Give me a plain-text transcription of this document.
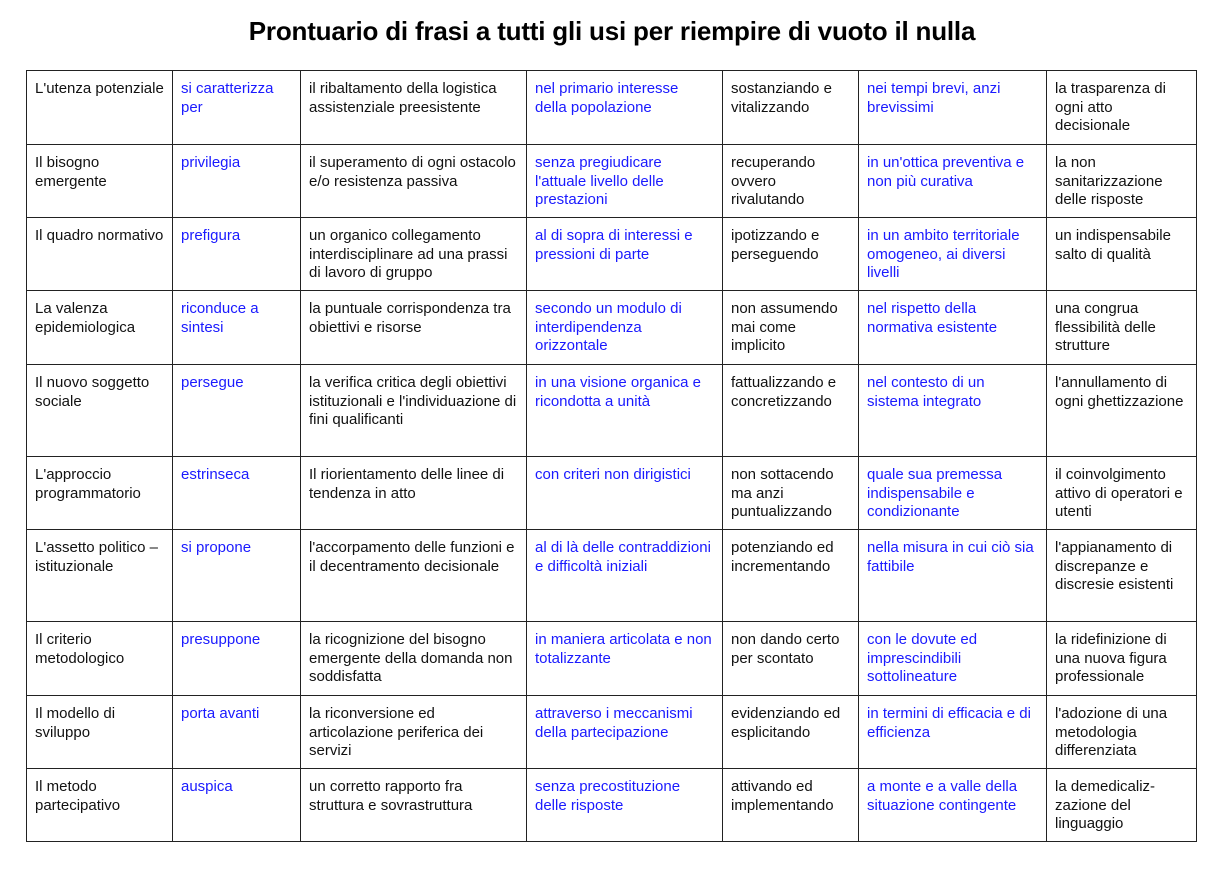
Prontuario di frasi a tutti gli usi per riempire di vuoto il nulla
L'utenza potenziale	si caratterizza per	il ribaltamento della logistica assistenziale preesistente	nel primario interesse della popolazione	sostanziando e vitalizzando	nei tempi brevi, anzi brevissimi	la trasparenza di ogni atto decisionale
Il bisogno emergente	privilegia	il superamento di ogni ostacolo e/o resistenza passiva	senza pregiudicare l'attuale livello delle prestazioni	recuperando ovvero rivalutando	in un'ottica preventiva e non più curativa	la non sanitarizzazione delle risposte
Il quadro normativo	prefigura	un organico collegamento interdisciplinare ad una prassi di lavoro di gruppo	al di sopra di interessi e pressioni di parte	ipotizzando e perseguendo	in un ambito territoriale omogeneo, ai diversi livelli	un indispensabile salto di qualità
La valenza epidemiologica	riconduce a sintesi	la puntuale corrispondenza tra obiettivi e risorse	secondo un modulo di interdipendenza orizzontale	non assumendo mai come implicito	nel rispetto della normativa esistente	una congrua flessibilità delle strutture
Il nuovo soggetto sociale	persegue	la verifica critica degli obiettivi istituzionali e l'individuazione di fini qualificanti	in una visione organica e ricondotta a unità	fattualizzando e concretizzando	nel contesto di un sistema integrato	l'annullamento di ogni ghettizzazione
L'approccio programmatorio	estrinseca	Il riorientamento delle linee di tendenza in atto	con criteri non dirigistici	non sottacendo ma anzi puntualizzando	quale sua premessa indispensabile e condizionante	il coinvolgimento attivo di operatori e utenti
L'assetto politico – istituzionale	si propone	l'accorpamento delle funzioni e il decentramento decisionale	al di là delle contraddizioni e difficoltà iniziali	potenziando ed incrementando	nella misura in cui ciò sia fattibile	l'appianamento di discrepanze e discresie esistenti
Il criterio metodologico	presuppone	la ricognizione del bisogno emergente della domanda non soddisfatta	in maniera articolata e non totalizzante	non dando certo per scontato	con le dovute ed imprescindibili sottolineature	la ridefinizione di una nuova figura professionale
Il modello di sviluppo	porta avanti	la riconversione ed articolazione periferica dei servizi	attraverso i meccanismi della partecipazione	evidenziando ed esplicitando	in termini di efficacia e di efficienza	l'adozione di una metodologia differenziata
Il metodo partecipativo	auspica	un corretto rapporto fra struttura e sovrastruttura	senza precostituzione delle risposte	attivando ed implementando	a monte e a valle della situazione contingente	la demedicaliz-zazione del linguaggio
